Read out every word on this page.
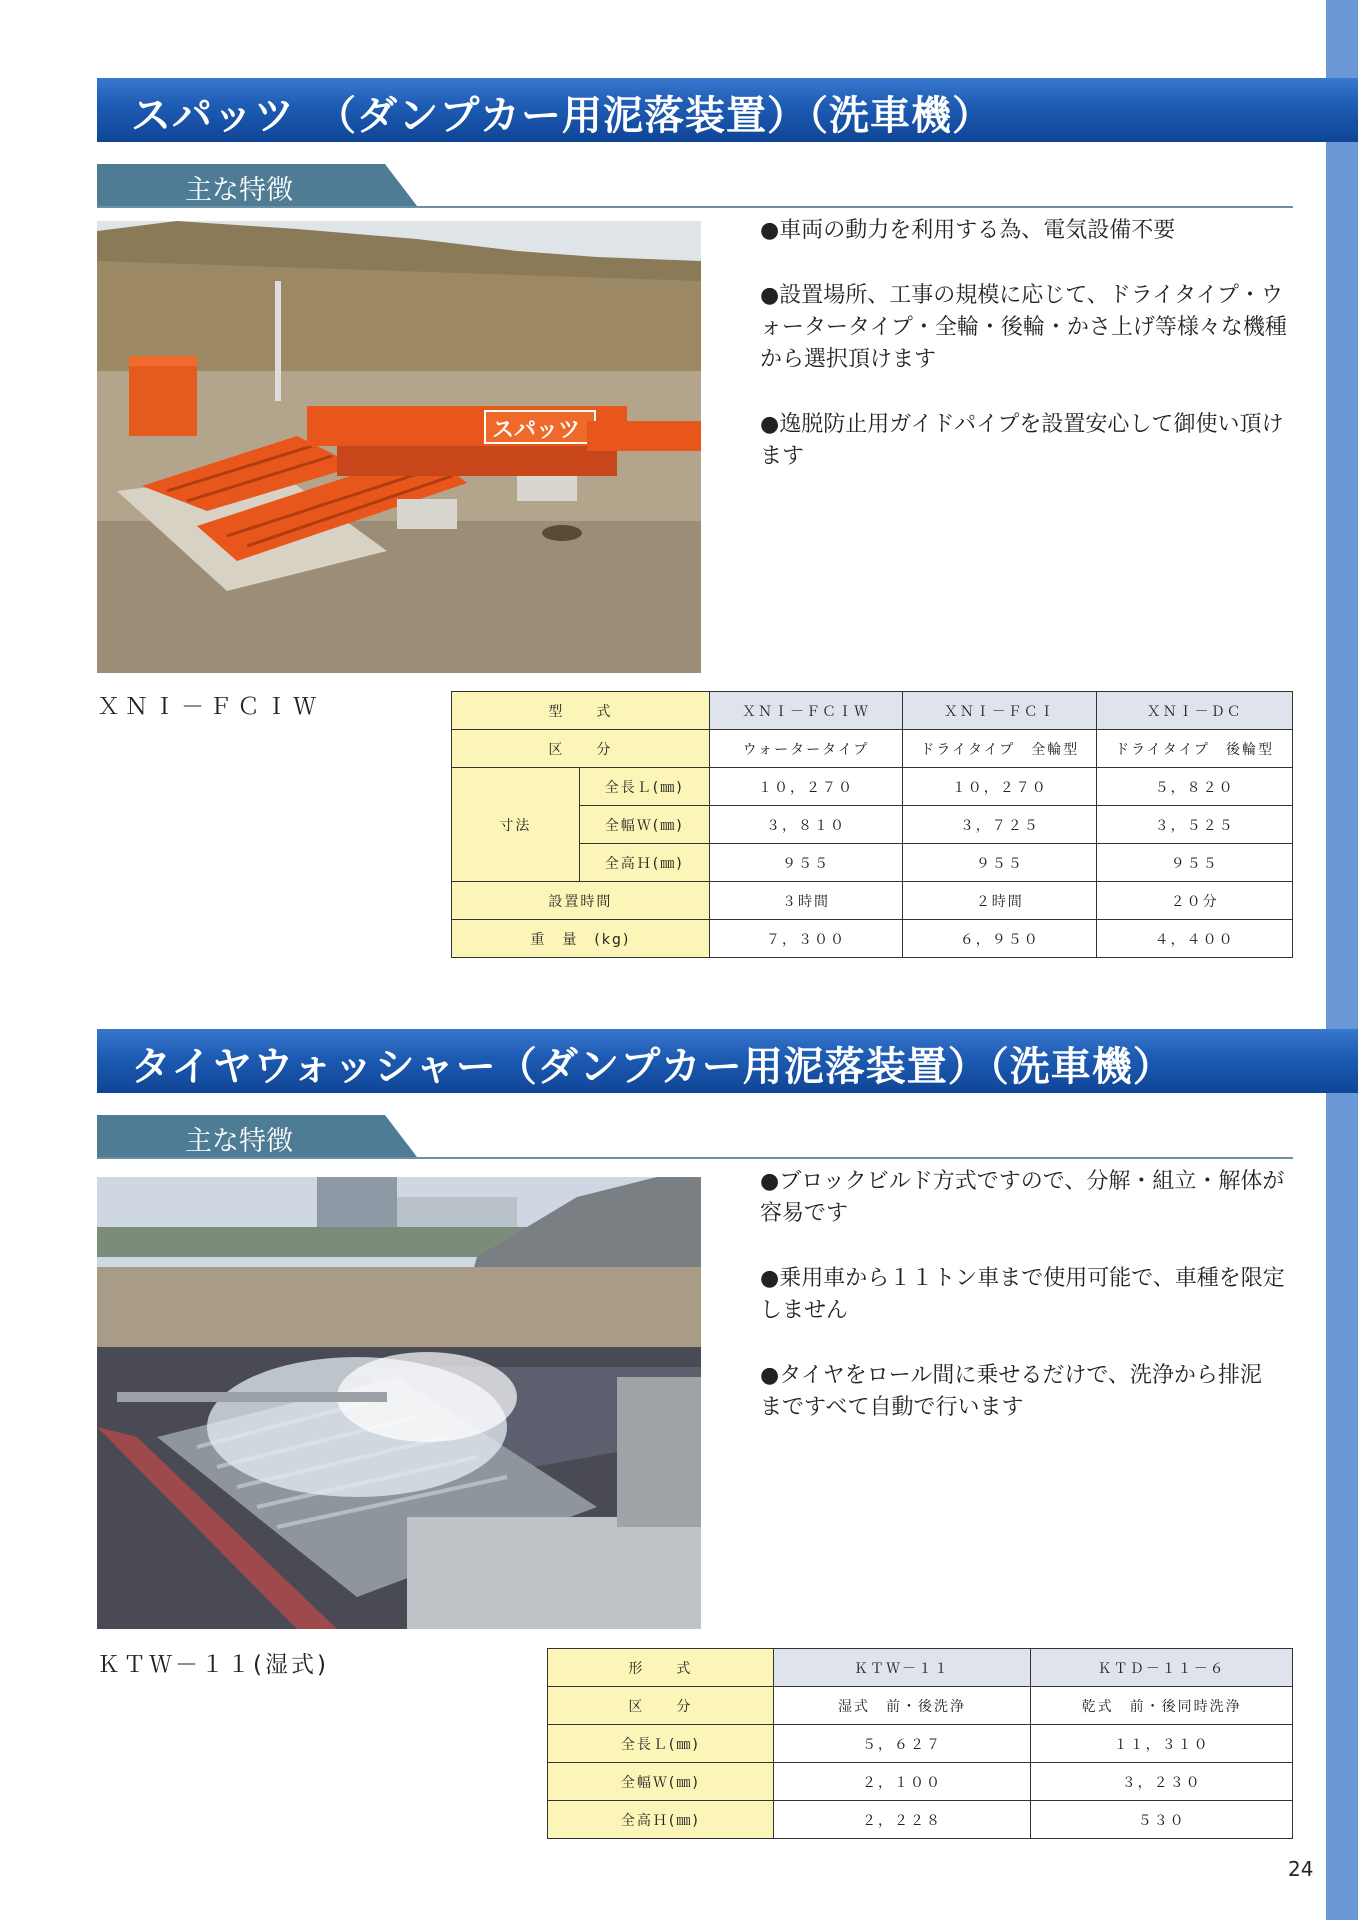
スパッツ　（ダンプカー用泥落装置）（洗車機）
主な特徴
スパッツ
●車両の動力を利用する為、電気設備不要
●設置場所、工事の規模に応じて、ドライタイプ・ウォータータイプ・全輪・後輪・かさ上げ等様々な機種から選択頂けます
●逸脱防止用ガイドパイプを設置安心して御使い頂けます
ＸＮＩ－ＦＣＩＷ	型　　式		ＸＮＩ－ＦＣＩＷ	ＸＮＩ－ＦＣＩ	ＸＮＩ－ＤＣ
区　　分		ウォータータイプ	ドライタイプ　全輪型	ドライタイプ　後輪型
寸法	全長Ｌ(㎜)	１０，２７０	１０，２７０	５，８２０
	全幅Ｗ(㎜)	３，８１０	３，７２５	３，５２５
	全高Ｈ(㎜)	９５５	９５５	９５５
設置時間		３時間	２時間	２０分
重　量　(kg)		７，３００	６，９５０	４，４００
タイヤウォッシャー（ダンプカー用泥落装置）（洗車機）
主な特徴
●ブロックビルド方式ですので、分解・組立・解体が容易です
●乗用車から１１トン車まで使用可能で、車種を限定しません
●タイヤをロール間に乗せるだけで、洗浄から排泥　　まですべて自動で行います
ＫＴＷ－１１(湿式)	形　　式	ＫＴＷ－１１	ＫＴＤ－１１－６
区　　分	湿式　前・後洗浄	乾式　前・後同時洗浄
全長Ｌ(㎜)	５，６２７	１１，３１０
全幅Ｗ(㎜)	２，１００	３，２３０
全高Ｈ(㎜)	２，２２８	５３０
24
